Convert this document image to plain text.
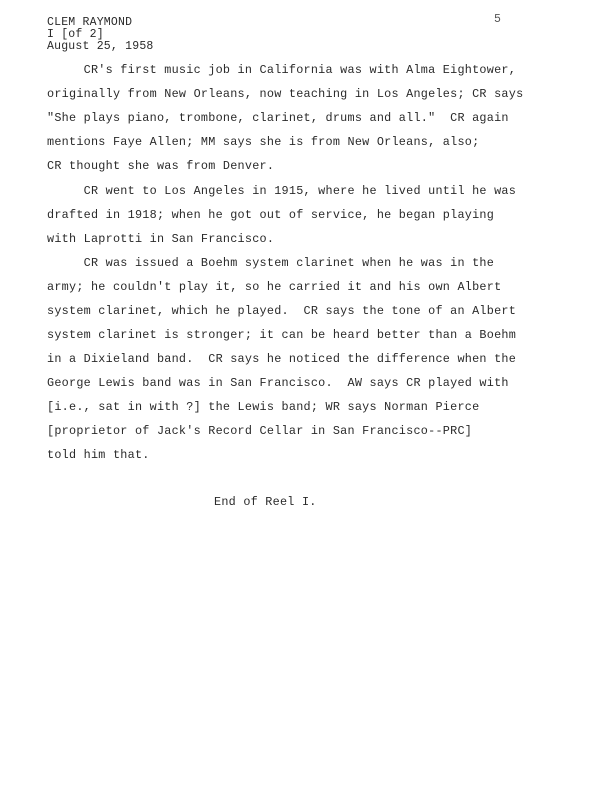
CLEM RAYMOND
I [of 2]
August 25, 1958
5
CR's first music job in California was with Alma Eightower,
originally from New Orleans, now teaching in Los Angeles; CR says
"She plays piano, trombone, clarinet, drums and all."  CR again
mentions Faye Allen; MM says she is from New Orleans, also;
CR thought she was from Denver.
CR went to Los Angeles in 1915, where he lived until he was
drafted in 1918; when he got out of service, he began playing
with Laprotti in San Francisco.
CR was issued a Boehm system clarinet when he was in the
army; he couldn't play it, so he carried it and his own Albert
system clarinet, which he played.  CR says the tone of an Albert
system clarinet is stronger; it can be heard better than a Boehm
in a Dixieland band.  CR says he noticed the difference when the
George Lewis band was in San Francisco.  AW says CR played with
[i.e., sat in with ?] the Lewis band; WR says Norman Pierce
[proprietor of Jack's Record Cellar in San Francisco--PRC]
told him that.
End of Reel I.
